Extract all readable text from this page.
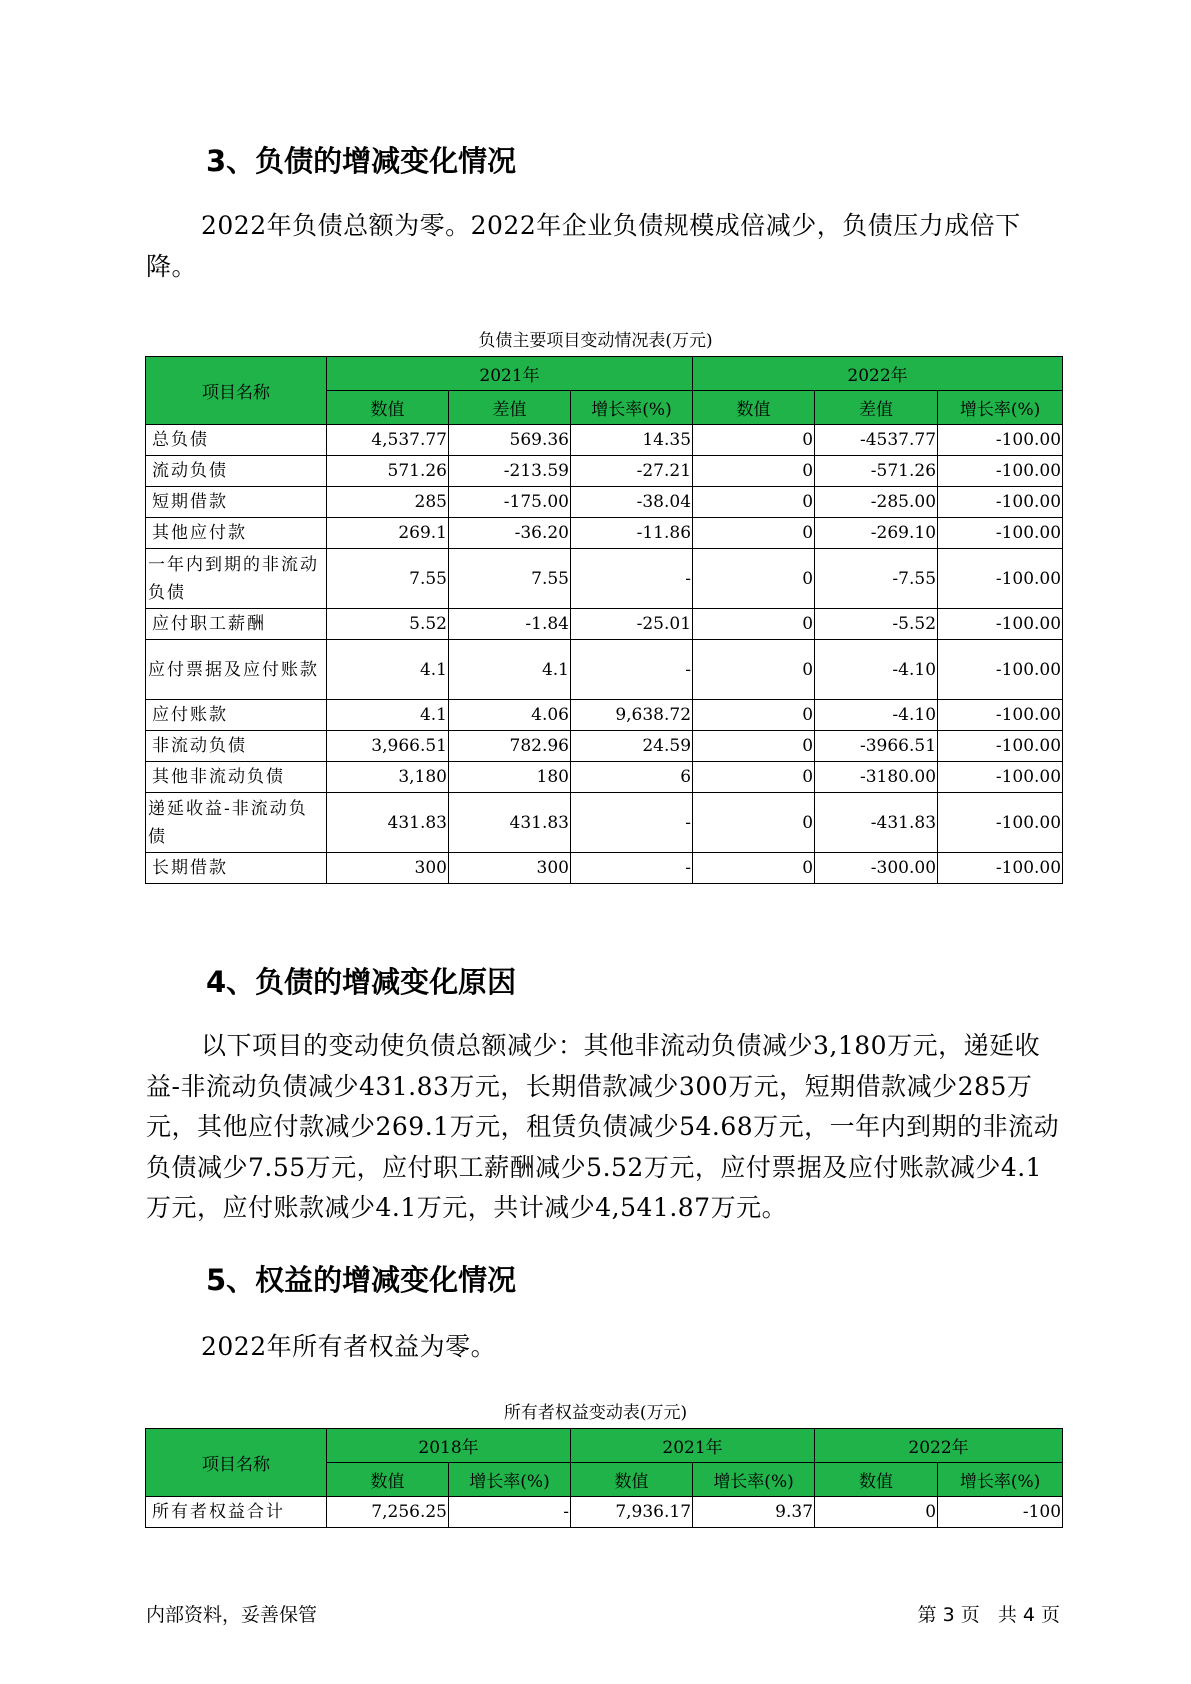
3、负债的增减变化情况

2022年负债总额为零。2022年企业负债规模成倍减少，负债压力成倍下降。

负债主要项目变动情况表(万元)
项目名称	2021年			2022年		
	数值	差值	增长率(%)	数值	差值	增长率(%)
总负债	4,537.77	569.36	14.35	0	-4537.77	-100.00
流动负债	571.26	-213.59	-27.21	0	-571.26	-100.00
短期借款	285	-175.00	-38.04	0	-285.00	-100.00
其他应付款	269.1	-36.20	-11.86	0	-269.10	-100.00
一年内到期的非流动负债	7.55	7.55	-	0	-7.55	-100.00
应付职工薪酬	5.52	-1.84	-25.01	0	-5.52	-100.00
应付票据及应付账款	4.1	4.1	-	0	-4.10	-100.00
应付账款	4.1	4.06	9,638.72	0	-4.10	-100.00
非流动负债	3,966.51	782.96	24.59	0	-3966.51	-100.00
其他非流动负债	3,180	180	6	0	-3180.00	-100.00
递延收益-非流动负债	431.83	431.83	-	0	-431.83	-100.00
长期借款	300	300	-	0	-300.00	-100.00
4、负债的增减变化原因

以下项目的变动使负债总额减少：其他非流动负债减少3,180万元，递延收益-非流动负债减少431.83万元，长期借款减少300万元，短期借款减少285万元，其他应付款减少269.1万元，租赁负债减少54.68万元，一年内到期的非流动负债减少7.55万元，应付职工薪酬减少5.52万元，应付票据及应付账款减少4.1万元，应付账款减少4.1万元，共计减少4,541.87万元。

5、权益的增减变化情况

2022年所有者权益为零。

所有者权益变动表(万元)
项目名称	2018年		2021年		2022年	
	数值	增长率(%)	数值	增长率(%)	数值	增长率(%)
所有者权益合计	7,256.25	-	7,936.17	9.37	0	-100
内部资料，妥善保管	第 3 页   共 4 页
